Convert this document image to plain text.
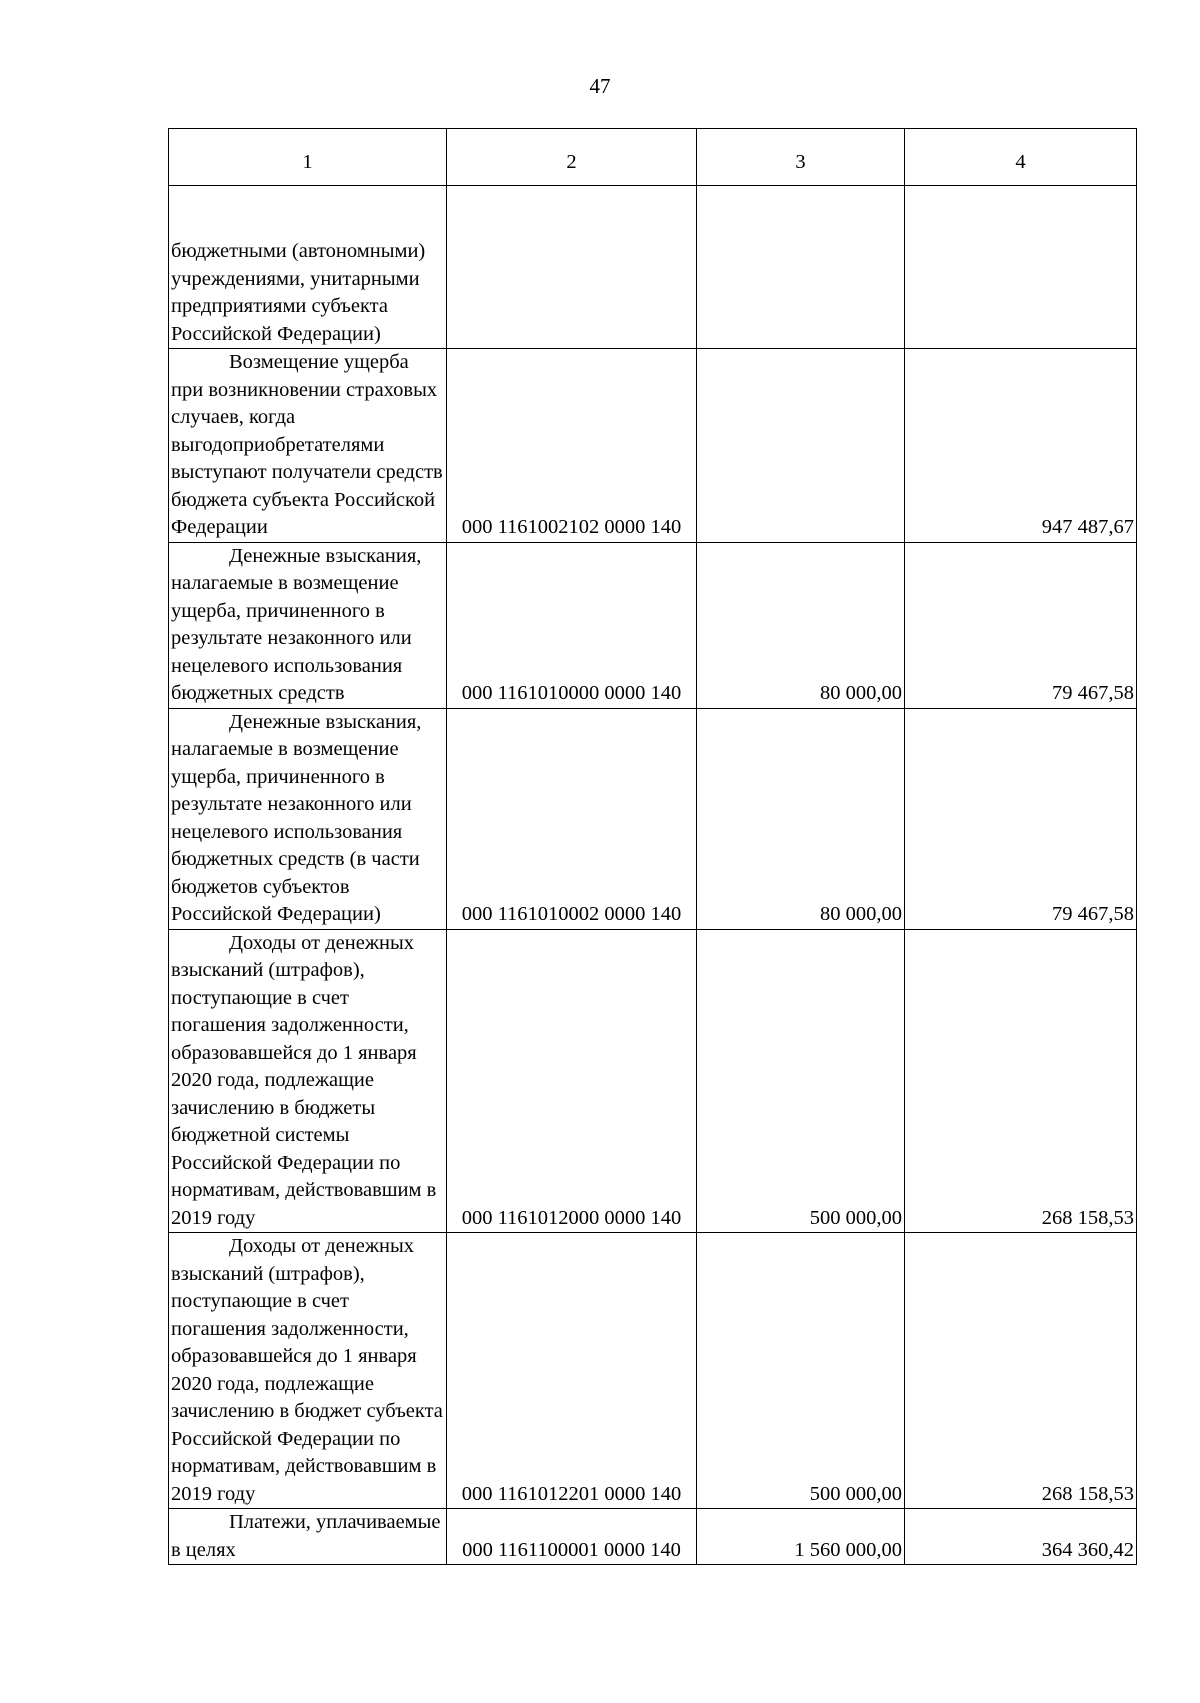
47
1	2	3	4
бюджетными (автономными) учреждениями, унитарными предприятиями субъекта Российской Федерации)			
Возмещение ущерба при возникновении страховых случаев, когда выгодоприобретателями выступают получатели средств бюджета субъекта Российской Федерации	000 1161002102 0000 140		947 487,67
Денежные взыскания, налагаемые в возмещение ущерба, причиненного в результате незаконного или нецелевого использования бюджетных средств	000 1161010000 0000 140	80 000,00	79 467,58
Денежные взыскания, налагаемые в возмещение ущерба, причиненного в результате незаконного или нецелевого использования бюджетных средств (в части бюджетов субъектов Российской Федерации)	000 1161010002 0000 140	80 000,00	79 467,58
Доходы от денежных взысканий (штрафов), поступающие в счет погашения задолженности, образовавшейся до 1 января 2020 года, подлежащие зачислению в бюджеты бюджетной системы Российской Федерации по нормативам, действовавшим в 2019 году	000 1161012000 0000 140	500 000,00	268 158,53
Доходы от денежных взысканий (штрафов), поступающие в счет погашения задолженности, образовавшейся до 1 января 2020 года, подлежащие зачислению в бюджет субъекта Российской Федерации по нормативам, действовавшим в 2019 году	000 1161012201 0000 140	500 000,00	268 158,53
Платежи, уплачиваемые в целях	000 1161100001 0000 140	1 560 000,00	364 360,42
